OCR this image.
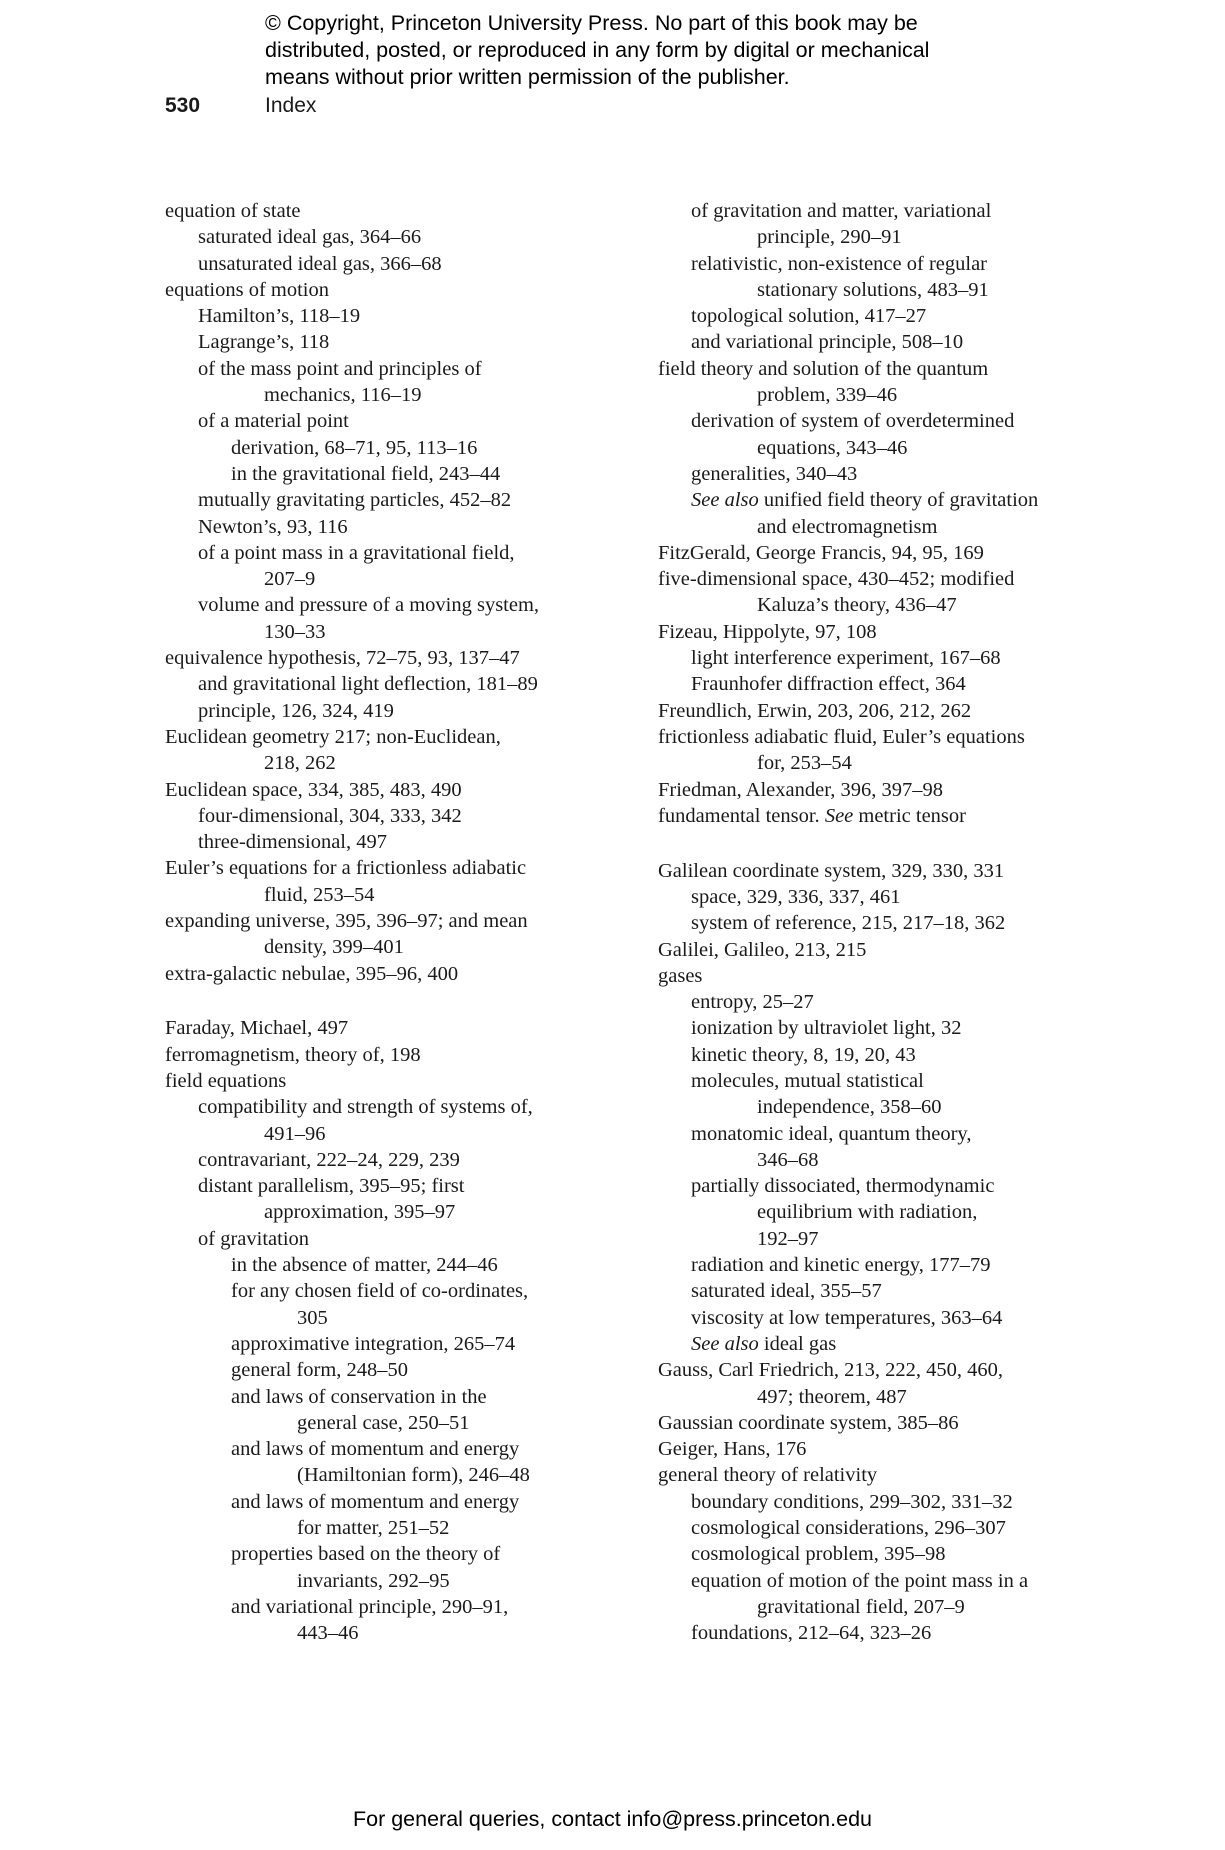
© Copyright, Princeton University Press. No part of this book may be
distributed, posted, or reproduced in any form by digital or mechanical
means without prior written permission of the publisher.
530	Index
equation of state
saturated ideal gas, 364–66
unsaturated ideal gas, 366–68
equations of motion
Hamilton’s, 118–19
Lagrange’s, 118
of the mass point and principles of
mechanics, 116–19
of a material point
derivation, 68–71, 95, 113–16
in the gravitational field, 243–44
mutually gravitating particles, 452–82
Newton’s, 93, 116
of a point mass in a gravitational field,
207–9
volume and pressure of a moving system,
130–33
equivalence hypothesis, 72–75, 93, 137–47
and gravitational light deflection, 181–89
principle, 126, 324, 419
Euclidean geometry 217; non-Euclidean,
218, 262
Euclidean space, 334, 385, 483, 490
four-dimensional, 304, 333, 342
three-dimensional, 497
Euler’s equations for a frictionless adiabatic
fluid, 253–54
expanding universe, 395, 396–97; and mean
density, 399–401
extra-galactic nebulae, 395–96, 400
Faraday, Michael, 497
ferromagnetism, theory of, 198
field equations
compatibility and strength of systems of,
491–96
contravariant, 222–24, 229, 239
distant parallelism, 395–95; first
approximation, 395–97
of gravitation
in the absence of matter, 244–46
for any chosen field of co-ordinates,
305
approximative integration, 265–74
general form, 248–50
and laws of conservation in the
general case, 250–51
and laws of momentum and energy
(Hamiltonian form), 246–48
and laws of momentum and energy
for matter, 251–52
properties based on the theory of
invariants, 292–95
and variational principle, 290–91,
443–46
of gravitation and matter, variational
principle, 290–91
relativistic, non-existence of regular
stationary solutions, 483–91
topological solution, 417–27
and variational principle, 508–10
field theory and solution of the quantum
problem, 339–46
derivation of system of overdetermined
equations, 343–46
generalities, 340–43
See also unified field theory of gravitation
and electromagnetism
FitzGerald, George Francis, 94, 95, 169
five-dimensional space, 430–452; modified
Kaluza’s theory, 436–47
Fizeau, Hippolyte, 97, 108
light interference experiment, 167–68
Fraunhofer diffraction effect, 364
Freundlich, Erwin, 203, 206, 212, 262
frictionless adiabatic fluid, Euler’s equations
for, 253–54
Friedman, Alexander, 396, 397–98
fundamental tensor. See metric tensor
Galilean coordinate system, 329, 330, 331
space, 329, 336, 337, 461
system of reference, 215, 217–18, 362
Galilei, Galileo, 213, 215
gases
entropy, 25–27
ionization by ultraviolet light, 32
kinetic theory, 8, 19, 20, 43
molecules, mutual statistical
independence, 358–60
monatomic ideal, quantum theory,
346–68
partially dissociated, thermodynamic
equilibrium with radiation,
192–97
radiation and kinetic energy, 177–79
saturated ideal, 355–57
viscosity at low temperatures, 363–64
See also ideal gas
Gauss, Carl Friedrich, 213, 222, 450, 460,
497; theorem, 487
Gaussian coordinate system, 385–86
Geiger, Hans, 176
general theory of relativity
boundary conditions, 299–302, 331–32
cosmological considerations, 296–307
cosmological problem, 395–98
equation of motion of the point mass in a
gravitational field, 207–9
foundations, 212–64, 323–26
For general queries, contact info@press.princeton.edu
